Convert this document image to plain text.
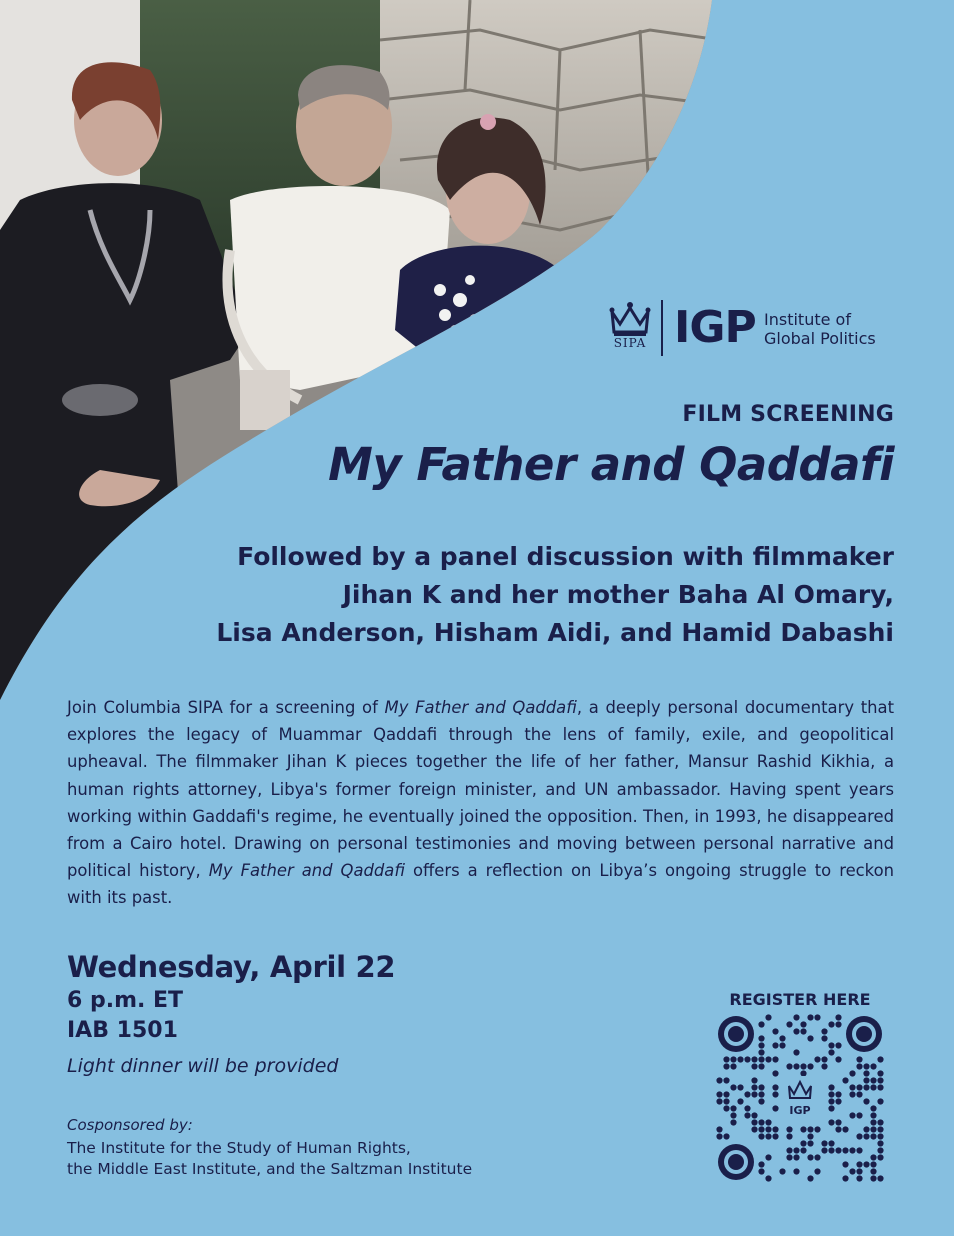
SIPA IGP Institute of
Global Politics
FILM SCREENING
My Father and Qaddafi
Followed by a panel discussion with filmmaker
Jihan K and her mother Baha Al Omary,
Lisa Anderson, Hisham Aidi, and Hamid Dabashi
Join Columbia SIPA for a screening of My Father and Qaddafi, a deeply personal documentary that explores the legacy of Muammar Qaddafi through the lens of family, exile, and geopolitical upheaval. The filmmaker Jihan K pieces together the life of her father, Mansur Rashid Kikhia, a human rights attorney, Libya's former foreign minister, and UN ambassador. Having spent years working within Gaddafi's regime, he eventually joined the opposition. Then, in 1993, he disappeared from a Cairo hotel. Drawing on personal testimonies and moving between personal narrative and political history, My Father and Qaddafi offers a reflection on Libya’s ongoing struggle to reckon with its past.
Wednesday, April 22
6 p.m. ET
IAB 1501
Light dinner will be provided
Cosponsored by:
The Institute for the Study of Human Rights,
the Middle East Institute, and the Saltzman Institute
REGISTER HERE
IGP
